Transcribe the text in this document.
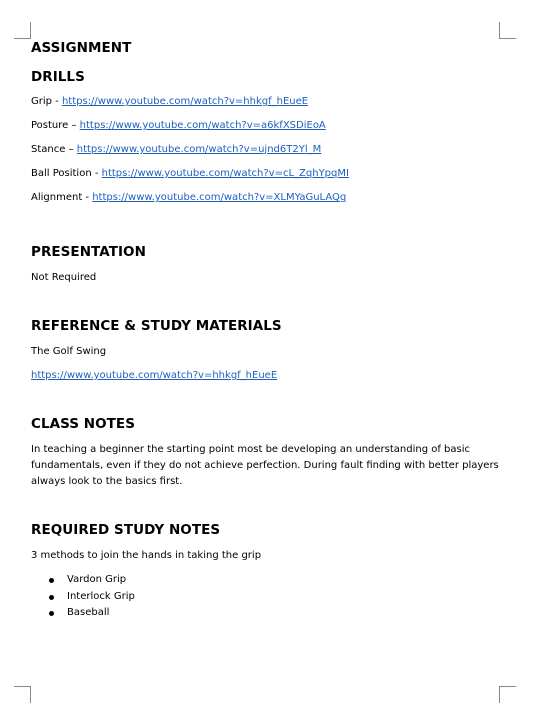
ASSIGNMENT
DRILLS

Grip - https://www.youtube.com/watch?v=hhkgf_hEueE

Posture – https://www.youtube.com/watch?v=a6kfXSDiEoA

Stance – https://www.youtube.com/watch?v=ujnd6T2Yl_M

Ball Position - https://www.youtube.com/watch?v=cL_ZqhYpqMI

Alignment - https://www.youtube.com/watch?v=XLMYaGuLAQg

PRESENTATION

Not Required

REFERENCE & STUDY MATERIALS

The Golf Swing

https://www.youtube.com/watch?v=hhkgf_hEueE

CLASS NOTES

In teaching a beginner the starting point most be developing an understanding of basic fundamentals, even if they do not achieve perfection. During fault finding with better players always look to the basics first.

REQUIRED STUDY NOTES

3 methods to join the hands in taking the grip

Vardon Grip
Interlock Grip
Baseball
